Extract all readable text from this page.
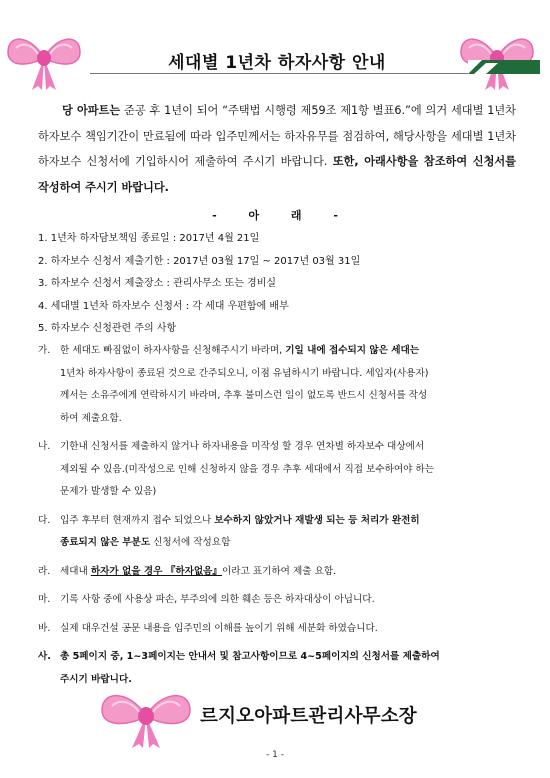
세대별 1년차 하자사항 안내
당 아파트는 준공 후 1년이 되어 “주택법 시행령 제59조 제1항 별표6.”에 의거 세대별 1년차 하자보수 책임기간이 만료됨에 따라 입주민께서는 하자유무를 점검하여, 해당사항을 세대별 1년차 하자보수 신청서에 기입하시어 제출하여 주시기 바랍니다. 또한, 아래사항을 참조하여 신청서를 작성하여 주시기 바랍니다.
- 아 래 -
1. 1년차 하자담보책임 종료일 : 2017년 4월 21일
2. 하자보수 신청서 제출기한 : 2017년 03월 17일 ~ 2017년 03월 31일
3. 하자보수 신청서 제출장소 : 관리사무소 또는 경비실
4. 세대별 1년차 하자보수 신청서 : 각 세대 우편함에 배부
5. 하자보수 신청관련 주의 사항
가.	한 세대도 빠짐없이 하자사항을 신청해주시기 바라며, 기일 내에 접수되지 않은 세대는
1년차 하자사항이 종료된 것으로 간주되오니, 이점 유념하시기 바랍니다. 세입자(사용자)
께서는 소유주에게 연락하시기 바라며, 추후 불미스런 일이 없도록 반드시 신청서를 작성
하여 제출요함.
나.	기한내 신청서를 제출하지 않거나 하자내용을 미작성 할 경우 연차별 하자보수 대상에서
제외될 수 있음.(미작성으로 인해 신청하지 않을 경우 추후 세대에서 직접 보수하여야 하는
문제가 발생할 수 있음)
다.	입주 후부터 현재까지 접수 되었으나 보수하지 않았거나 재발생 되는 등 처리가 완전히
종료되지 않은 부분도 신청서에 작성요함
라.	세대내 하자가 없을 경우 『하자없음』이라고 표기하여 제출 요함.
마.	기록 사항 중에 사용상 파손, 부주의에 의한 훼손 등은 하자대상이 아닙니다.
바.	실제 대우건설 공문 내용을 입주민의 이해를 높이기 위해 세분화 하였습니다.
사. 총 5페이지 중, 1~3페이지는 안내서 및 참고사항이므로 4~5페이지의 신청서를 제출하여
주시기 바랍니다.
르지오아파트관리사무소장
- 1 -
